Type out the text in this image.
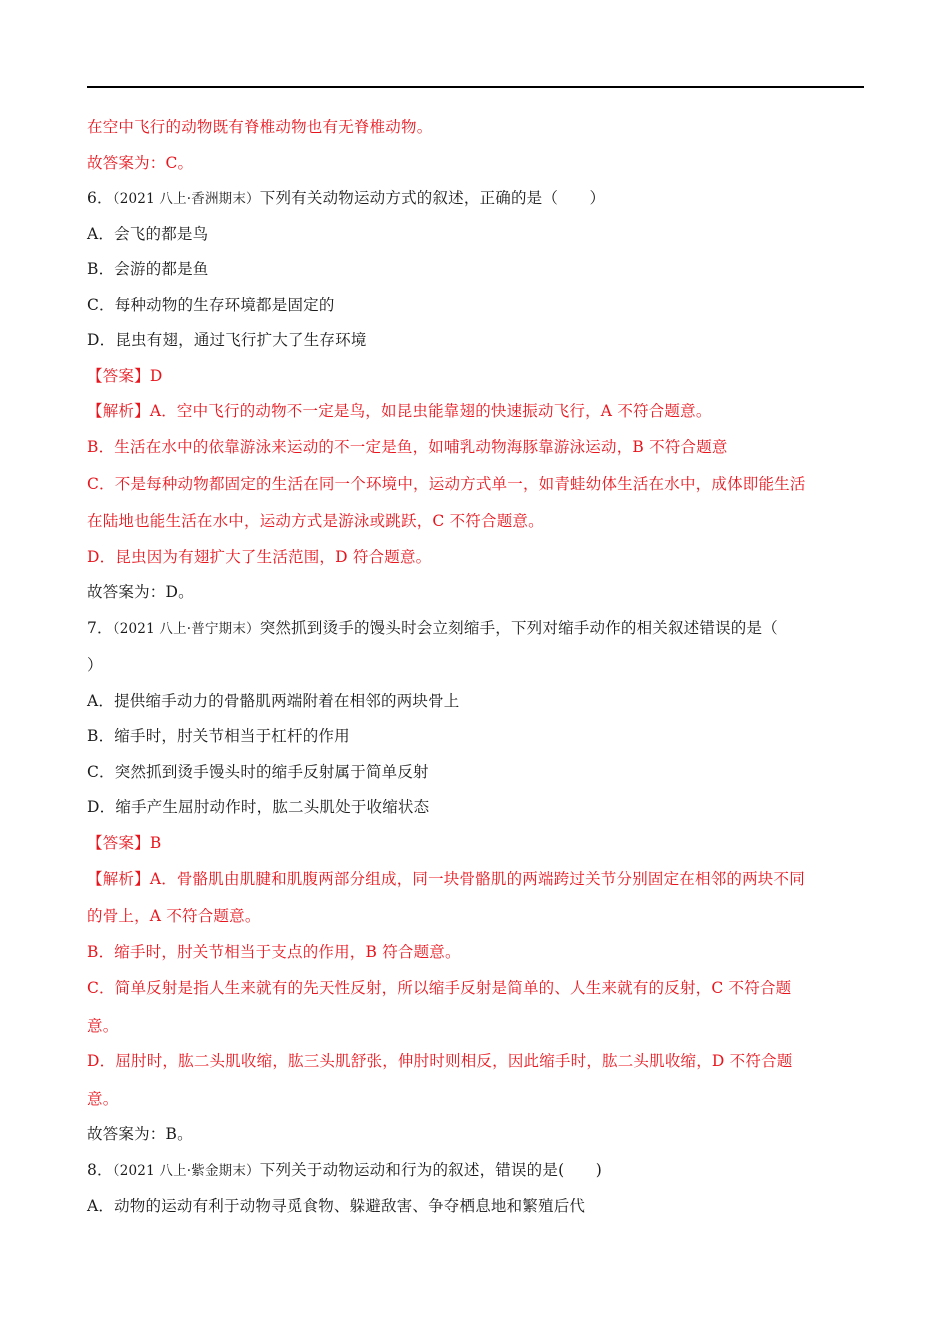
在空中飞行的动物既有脊椎动物也有无脊椎动物。
故答案为：C。
6．（2021 八上·香洲期末）下列有关动物运动方式的叙述，正确的是（　　）
A．会飞的都是鸟
B．会游的都是鱼
C．每种动物的生存环境都是固定的
D．昆虫有翅，通过飞行扩大了生存环境
【答案】D
【解析】A．空中飞行的动物不一定是鸟，如昆虫能靠翅的快速振动飞行，A 不符合题意。
B．生活在水中的依靠游泳来运动的不一定是鱼，如哺乳动物海豚靠游泳运动，B 不符合题意
C．不是每种动物都固定的生活在同一个环境中，运动方式单一，如青蛙幼体生活在水中，成体即能生活
在陆地也能生活在水中，运动方式是游泳或跳跃，C 不符合题意。
D．昆虫因为有翅扩大了生活范围，D 符合题意。
故答案为：D。
7．（2021 八上·普宁期末）突然抓到烫手的馒头时会立刻缩手，下列对缩手动作的相关叙述错误的是（
）
A．提供缩手动力的骨骼肌两端附着在相邻的两块骨上
B．缩手时，肘关节相当于杠杆的作用
C．突然抓到烫手馒头时的缩手反射属于简单反射
D．缩手产生屈肘动作时，肱二头肌处于收缩状态
【答案】B
【解析】A．骨骼肌由肌腱和肌腹两部分组成，同一块骨骼肌的两端跨过关节分别固定在相邻的两块不同
的骨上，A 不符合题意。
B．缩手时，肘关节相当于支点的作用，B 符合题意。
C．简单反射是指人生来就有的先天性反射，所以缩手反射是简单的、人生来就有的反射，C 不符合题
意。
D．屈肘时，肱二头肌收缩，肱三头肌舒张，伸肘时则相反，因此缩手时，肱二头肌收缩，D 不符合题
意。
故答案为：B。
8．（2021 八上·紫金期末）下列关于动物运动和行为的叙述，错误的是(　　)
A．动物的运动有利于动物寻觅食物、躲避敌害、争夺栖息地和繁殖后代
